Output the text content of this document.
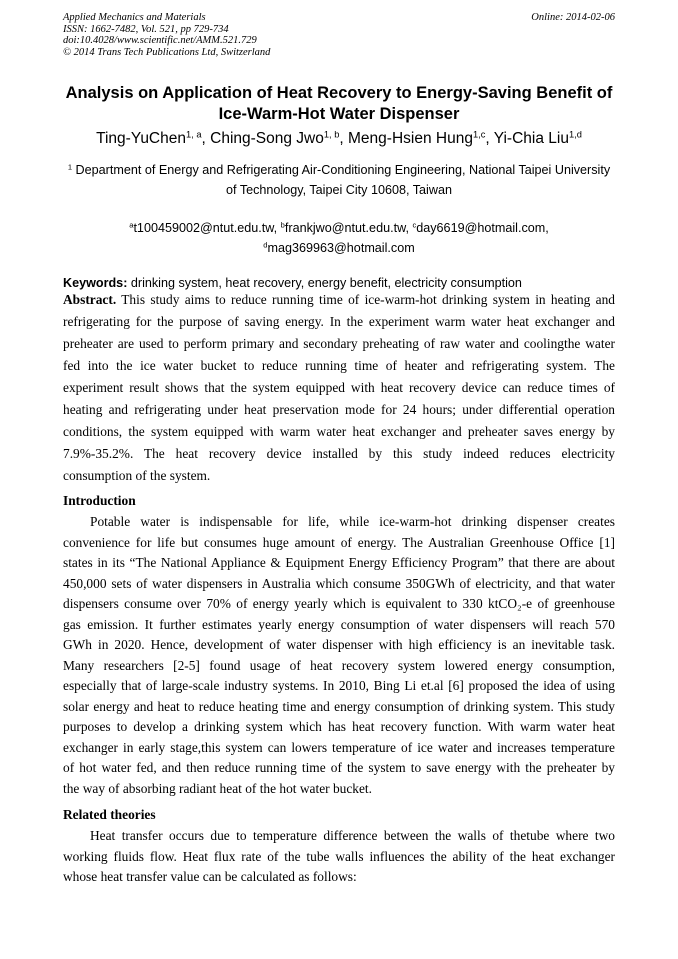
Applied Mechanics and Materials
ISSN: 1662-7482, Vol. 521, pp 729-734
doi:10.4028/www.scientific.net/AMM.521.729
© 2014 Trans Tech Publications Ltd, Switzerland
Online: 2014-02-06
Analysis on Application of Heat Recovery to Energy-Saving Benefit of
Ice-Warm-Hot Water Dispenser
Ting-YuChen$^{1, a}$, Ching-Song Jwo$^{1, b}$, Meng-Hsien Hung$^{1,c}$, Yi-Chia Liu$^{1,d}$
$^1$ Department of Energy and Refrigerating Air-Conditioning Engineering, National Taipei University
of Technology, Taipei City 10608, Taiwan
$^a$t100459002@ntut.edu.tw, $^b$frankjwo@ntut.edu.tw, $^c$day6619@hotmail.com,
$^d$mag369963@hotmail.com
Keywords: drinking system, heat recovery, energy benefit, electricity consumption
Abstract. This study aims to reduce running time of ice-warm-hot drinking system in heating and
refrigerating for the purpose of saving energy. In the experiment warm water heat exchanger and
preheater are used to perform primary and secondary preheating of raw water and coolingthe water
fed into the ice water bucket to reduce running time of heater and refrigerating system. The
experiment result shows that the system equipped with heat recovery device can reduce times of
heating and refrigerating under heat preservation mode for 24 hours; under differential operation
conditions, the system equipped with warm water heat exchanger and preheater saves energy by
7.9%-35.2%. The heat recovery device installed by this study indeed reduces electricity
consumption of the system.
Introduction
Potable water is indispensable for life, while ice-warm-hot drinking dispenser creates
convenience for life but consumes huge amount of energy. The Australian Greenhouse Office [1]
states in its “The National Appliance & Equipment Energy Efficiency Program” that there are about
450,000 sets of water dispensers in Australia which consume 350GWh of electricity, and that water
dispensers consume over 70% of energy yearly which is equivalent to 330 ktCO₂-e of greenhouse
gas emission. It further estimates yearly energy consumption of water dispensers will reach 570
GWh in 2020. Hence, development of water dispenser with high efficiency is an inevitable task.
Many researchers [2-5] found usage of heat recovery system lowered energy consumption,
especially that of large-scale industry systems. In 2010, Bing Li et.al [6] proposed the idea of using
solar energy and heat to reduce heating time and energy consumption of drinking system. This study
purposes to develop a drinking system which has heat recovery function. With warm water heat
exchanger in early stage,this system can lowers temperature of ice water and increases temperature
of hot water fed, and then reduce running time of the system to save energy with the preheater by
the way of absorbing radiant heat of the hot water bucket.
Related theories
Heat transfer occurs due to temperature difference between the walls of thetube where two
working fluids flow. Heat flux rate of the tube walls influences the ability of the heat exchanger
whose heat transfer value can be calculated as follows:
